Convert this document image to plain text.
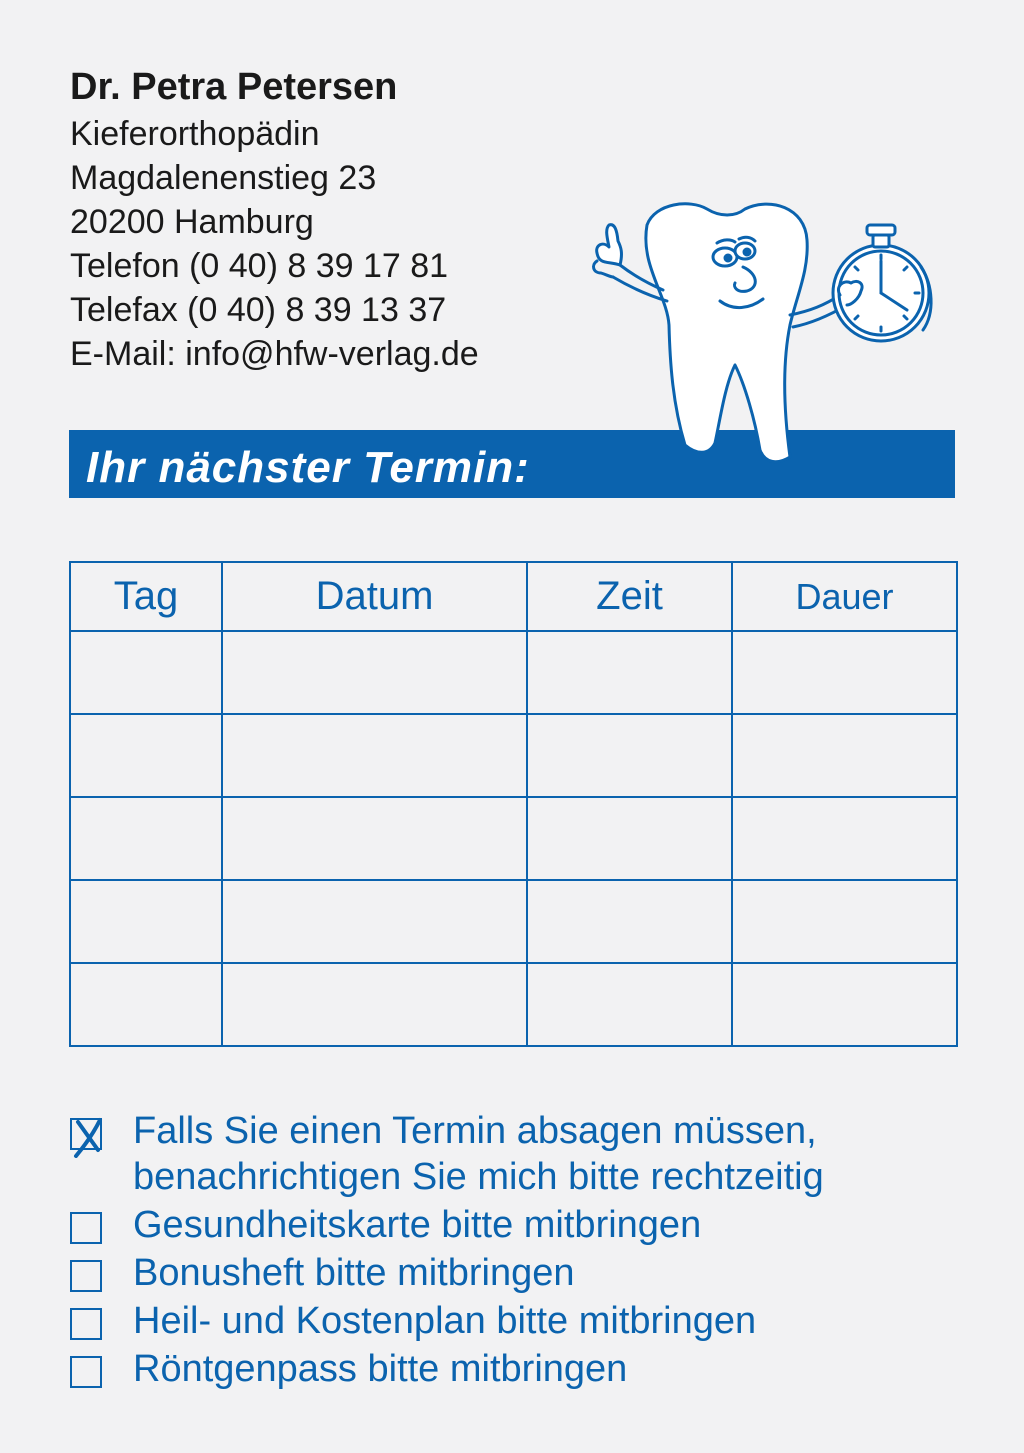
Dr. Petra Petersen
Kieferorthopädin
Magdalenenstieg 23
20200 Hamburg
Telefon (0 40) 8 39 17 81
Telefax (0 40) 8 39 13 37
E-Mail: info@hfw-verlag.de
Ihr nächster Termin:
Tag	Datum	Zeit	Dauer

Falls Sie einen Termin absagen müssen,
benachrichtigen Sie mich bitte rechtzeitig
Gesundheitskarte bitte mitbringen
Bonusheft bitte mitbringen
Heil- und Kostenplan bitte mitbringen
Röntgenpass bitte mitbringen
